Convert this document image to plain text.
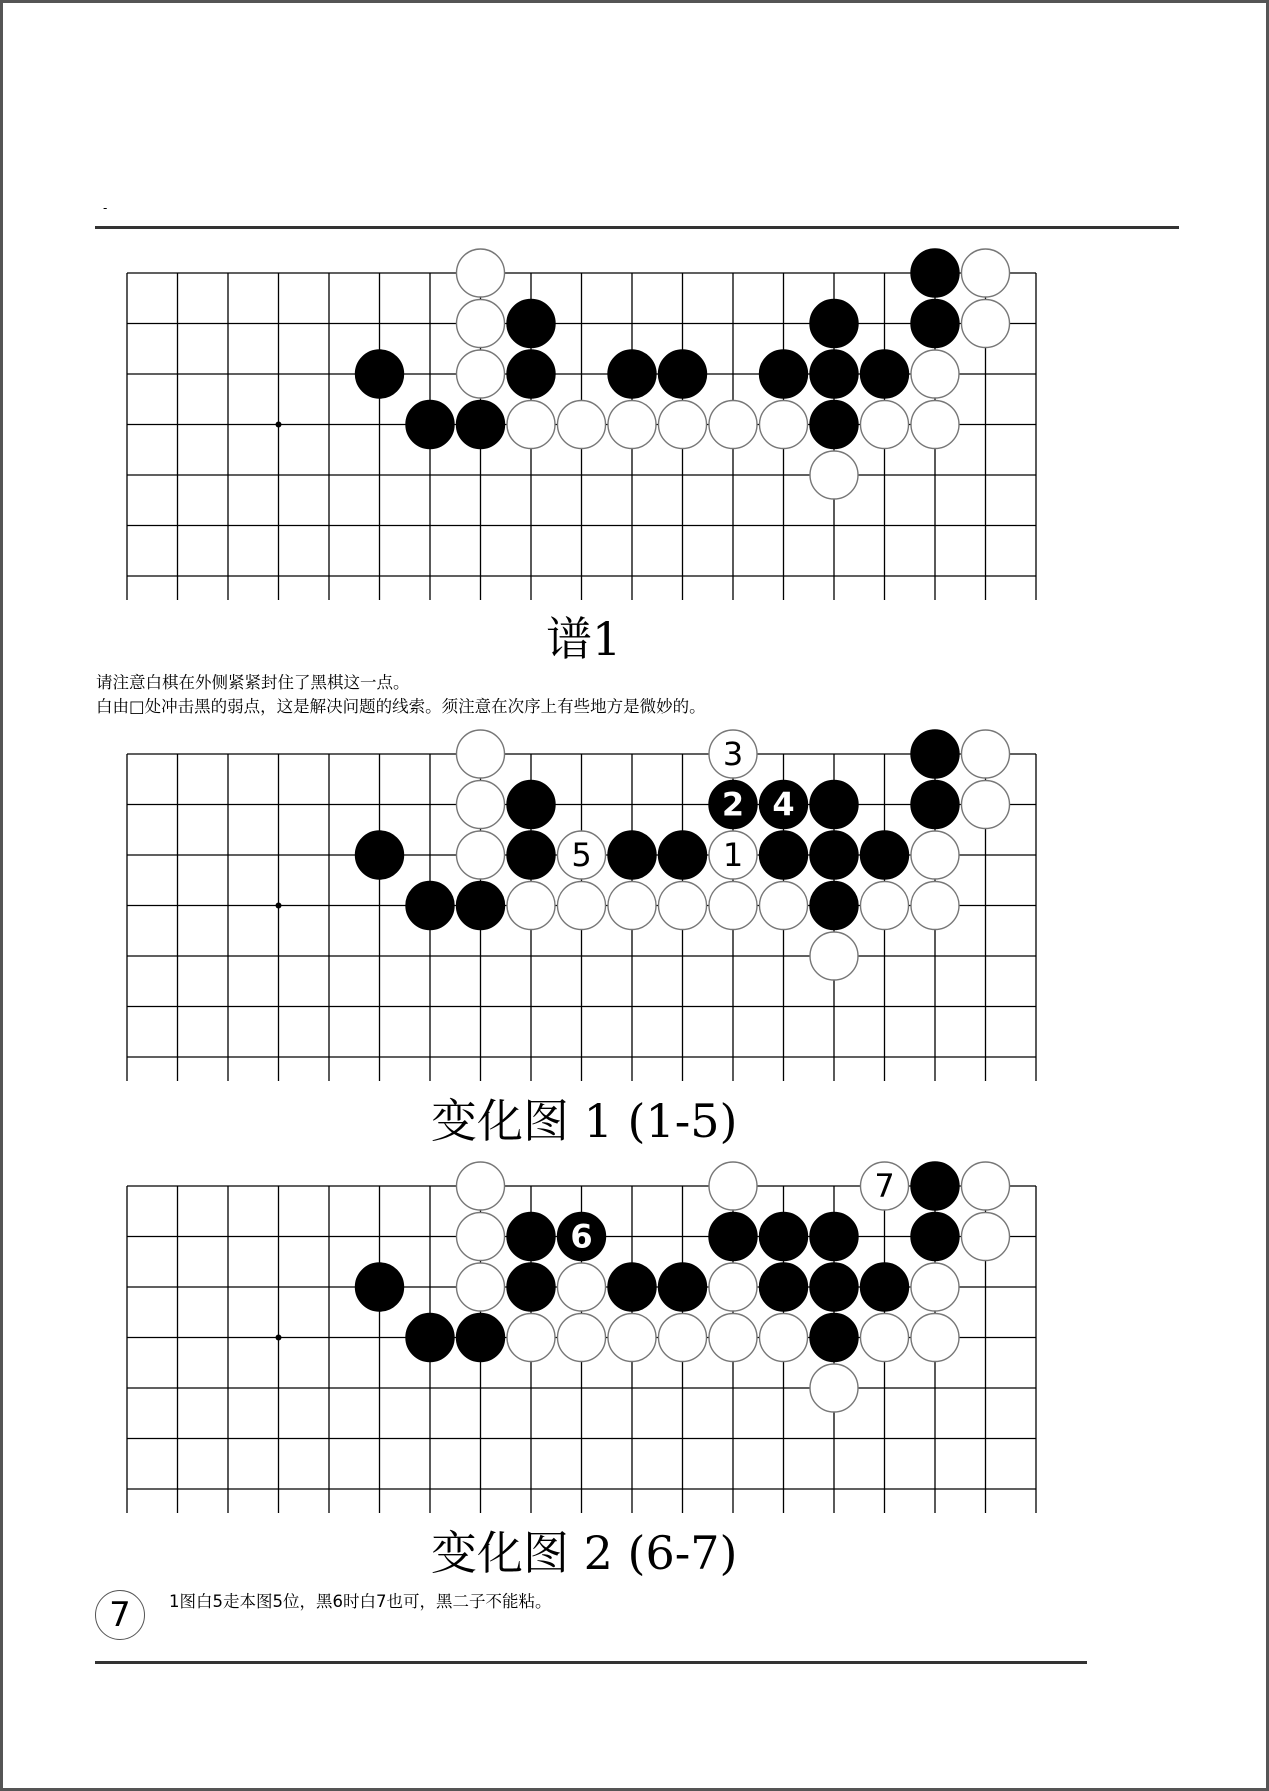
-
谱1
请注意白棋在外侧紧紧封住了黑棋这一点。
白由□处冲击黑的弱点，这是解决问题的线索。须注意在次序上有些地方是微妙的。
3
2 4
5	1
变化图 1 (1-5)
7
6
变化图 2 (6-7)
7 1图白5走本图5位，黑6时白7也可，黑二子不能粘。
